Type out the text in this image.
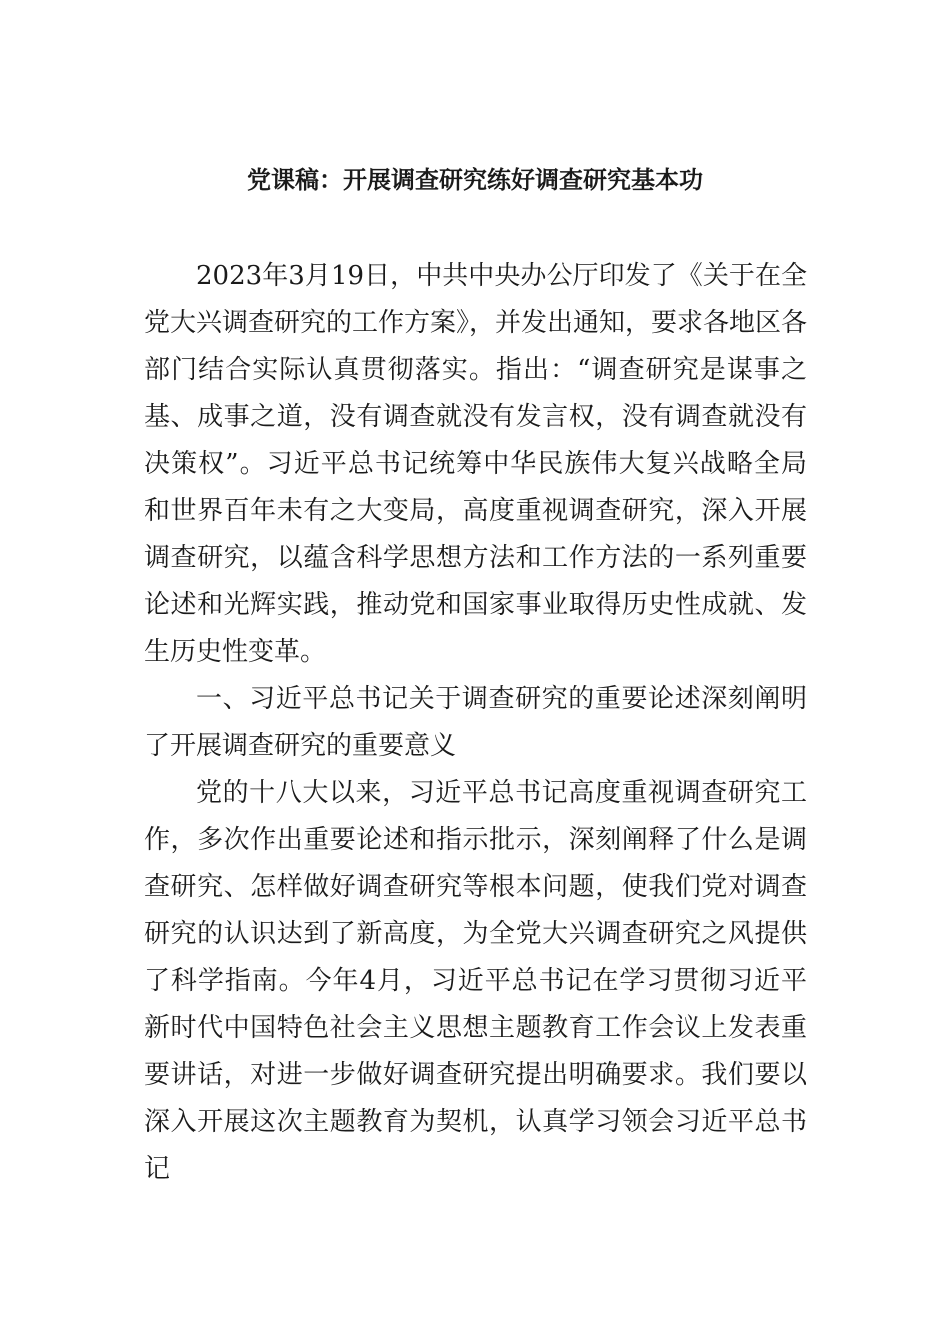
党课稿：开展调查研究练好调查研究基本功

2023年3月19日，中共中央办公厅印发了《关于在全党大兴调查研究的工作方案》，并发出通知，要求各地区各部门结合实际认真贯彻落实。指出：“调查研究是谋事之基、成事之道，没有调查就没有发言权，没有调查就没有决策权”。习近平总书记统筹中华民族伟大复兴战略全局和世界百年未有之大变局，高度重视调查研究，深入开展调查研究，以蕴含科学思想方法和工作方法的一系列重要论述和光辉实践，推动党和国家事业取得历史性成就、发生历史性变革。

一、习近平总书记关于调查研究的重要论述深刻阐明了开展调查研究的重要意义

党的十八大以来，习近平总书记高度重视调查研究工作，多次作出重要论述和指示批示，深刻阐释了什么是调查研究、怎样做好调查研究等根本问题，使我们党对调查研究的认识达到了新高度，为全党大兴调查研究之风提供了科学指南。今年4月，习近平总书记在学习贯彻习近平新时代中国特色社会主义思想主题教育工作会议上发表重要讲话，对进一步做好调查研究提出明确要求。我们要以深入开展这次主题教育为契机，认真学习领会习近平总书记
